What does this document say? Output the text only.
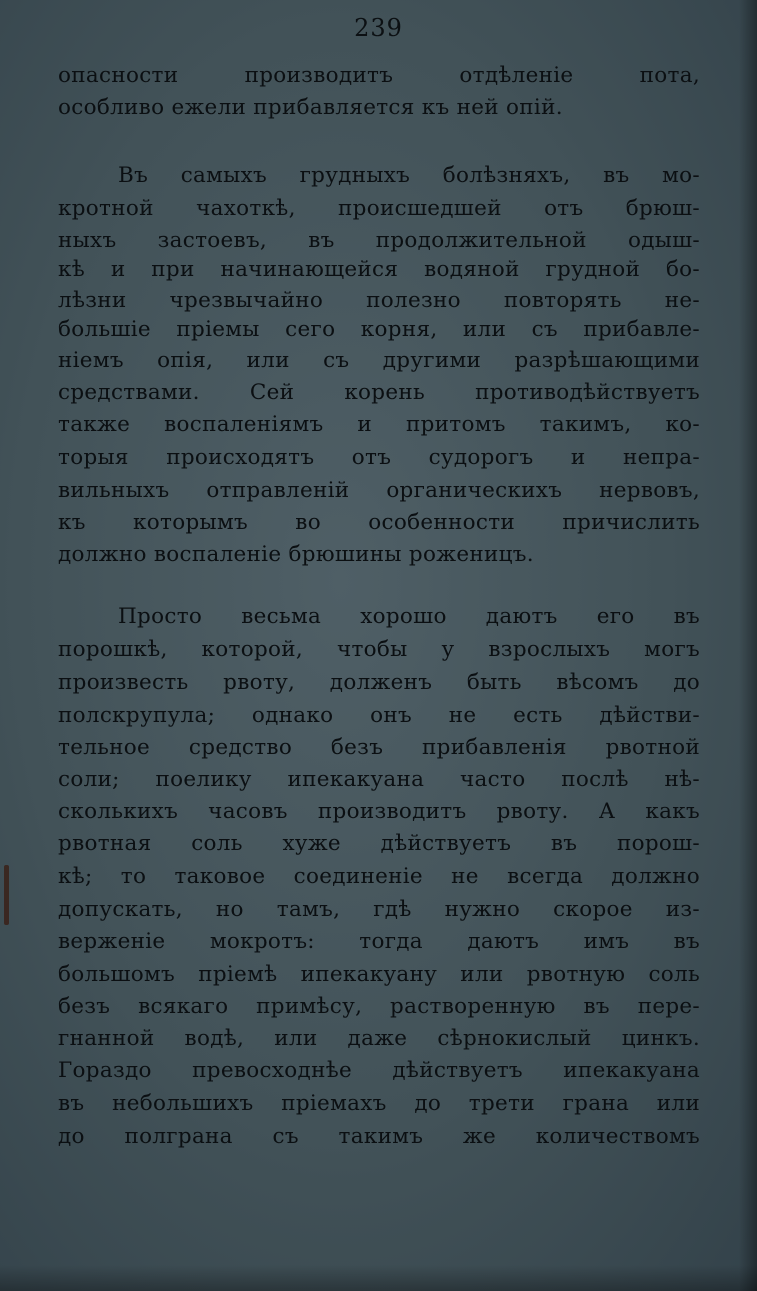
239
опасности производитъ отдѣленіе пота,
особливо ежели прибавляется къ ней опій.
Въ самыхъ грудныхъ болѣзняхъ, въ мо-
кротной чахоткѣ, происшедшей отъ брюш-
ныхъ застоевъ, въ продолжительной одыш-
кѣ и при начинающейся водяной грудной бо-
лѣзни чрезвычайно полезно повторять не-
большіе пріемы сего корня, или съ прибавле-
ніемъ опія, или съ другими разрѣшающими
средствами. Сей корень противодѣйствуетъ
также воспаленіямъ и притомъ такимъ, ко-
торыя происходятъ отъ судорогъ и непра-
вильныхъ отправленій органическихъ нервовъ,
къ которымъ во особенности причислить
должно воспаленіе брюшины роженицъ.
Просто весьма хорошо даютъ его въ
порошкѣ, которой, чтобы у взрослыхъ могъ
произвесть рвоту, долженъ быть вѣсомъ до
полскрупула; однако онъ не есть дѣйстви-
тельное средство безъ прибавленія рвотной
соли; поелику ипекакуана часто послѣ нѣ-
сколькихъ часовъ производитъ рвоту. А какъ
рвотная соль хуже дѣйствуетъ въ порош-
кѣ; то таковое соединеніе не всегда должно
допускать, но тамъ, гдѣ нужно скорое из-
верженіе мокротъ: тогда даютъ имъ въ
большомъ пріемѣ ипекакуану или рвотную соль
безъ всякаго примѣсу, растворенную въ пере-
гнанной водѣ, или даже сѣрнокислый цинкъ.
Гораздо превосходнѣе дѣйствуетъ ипекакуана
въ небольшихъ пріемахъ до трети грана или
до полграна съ такимъ же количествомъ
